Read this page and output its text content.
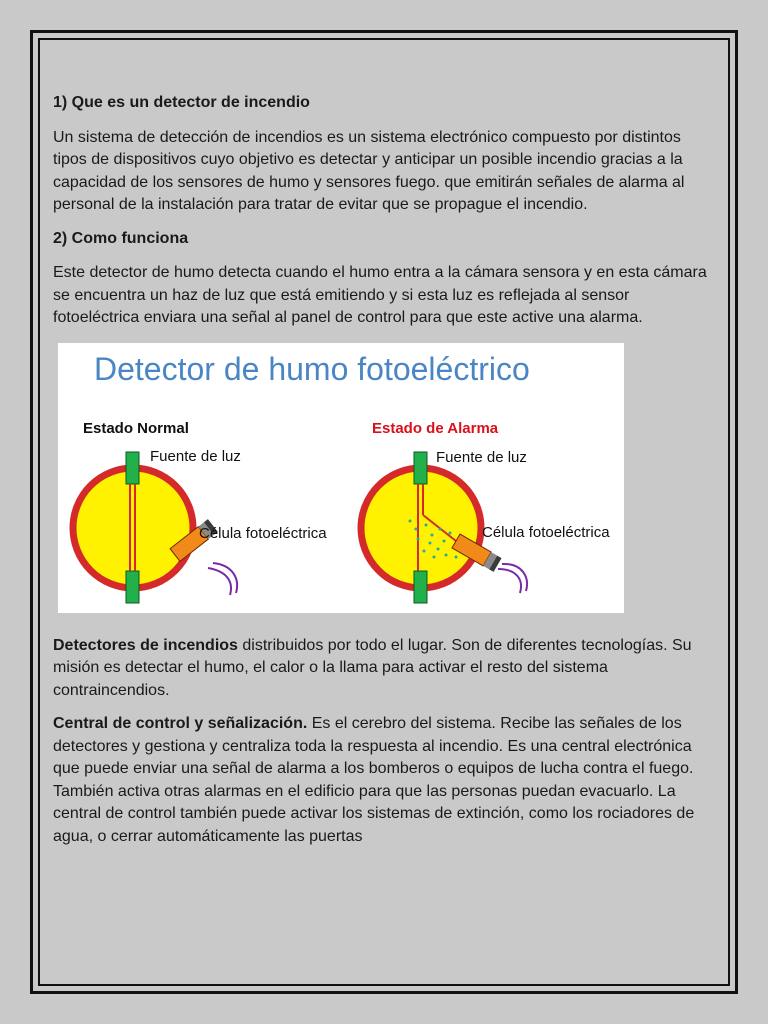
1) Que es un detector de incendio
Un sistema de detección de incendios es un sistema electrónico compuesto por distintos tipos de dispositivos cuyo objetivo es detectar y anticipar un posible incendio gracias a la capacidad de los sensores de humo y sensores fuego. que emitirán señales de alarma al personal de la instalación para tratar de evitar que se propague el incendio.
2) Como funciona
Este detector de humo detecta cuando el humo entra a la cámara sensora y en esta cámara se encuentra un haz de luz que está emitiendo y si esta luz es reflejada al sensor fotoeléctrica enviara una señal al panel de control para que este active una alarma.
Detector de humo fotoeléctrico
Estado Normal	Estado de Alarma
Fuente de luz
Célula fotoeléctrica
Fuente de luz
Célula fotoeléctrica
Detectores de incendios distribuidos por todo el lugar. Son de diferentes tecnologías. Su misión es detectar el humo, el calor o la llama para activar el resto del sistema contraincendios.
Central de control y señalización. Es el cerebro del sistema. Recibe las señales de los detectores y gestiona y centraliza toda la respuesta al incendio. Es una central electrónica que puede enviar una señal de alarma a los bomberos o equipos de lucha contra el fuego. También activa otras alarmas en el edificio para que las personas puedan evacuarlo. La central de control también puede activar los sistemas de extinción, como los rociadores de agua, o cerrar automáticamente las puertas
